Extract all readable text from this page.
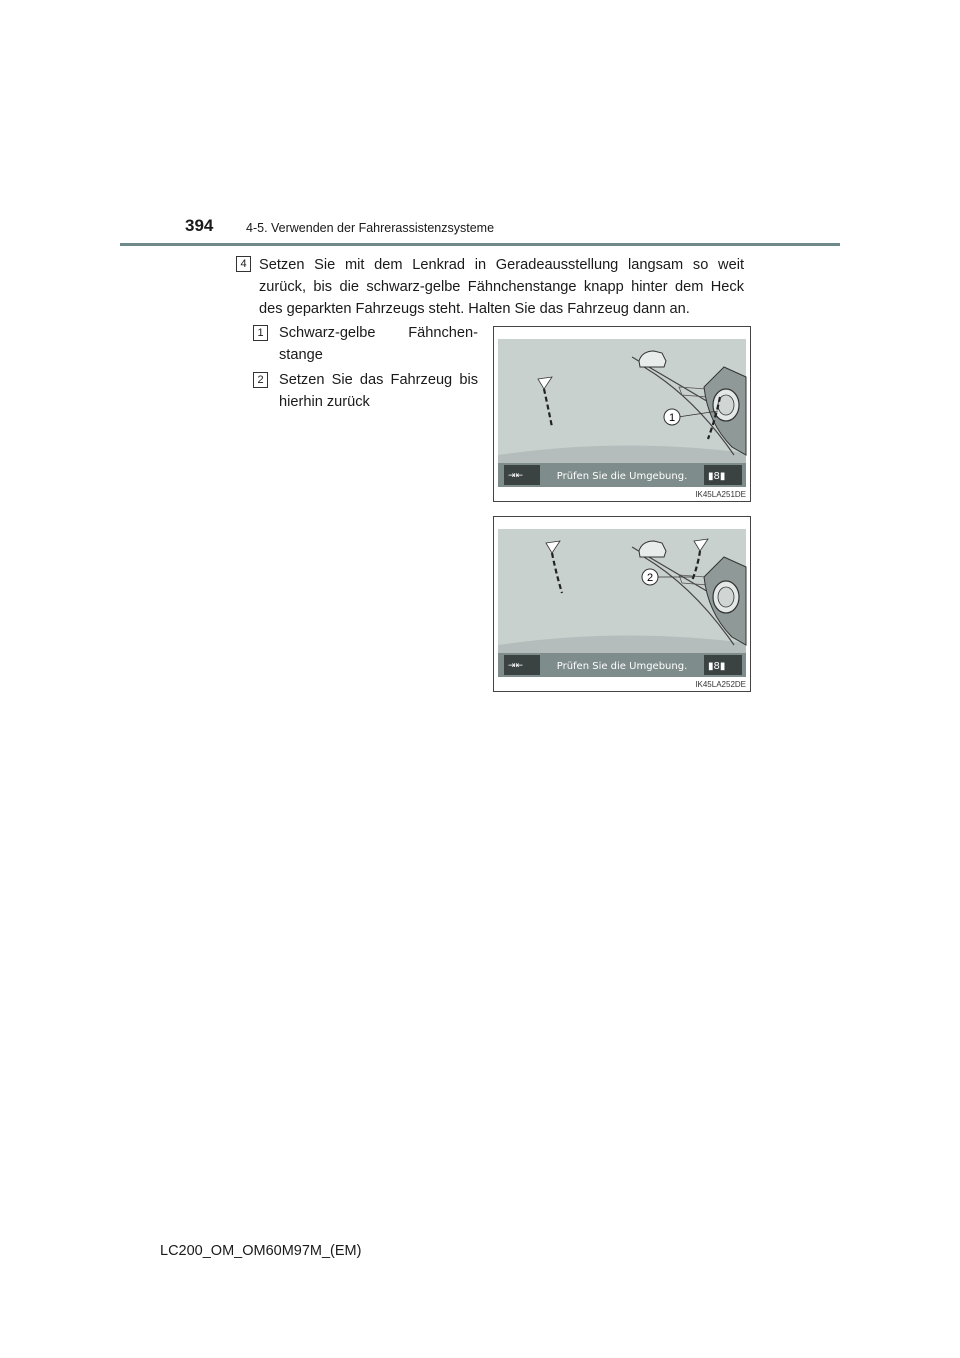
394	4-5. Verwenden der Fahrerassistenzsysteme
4 Setzen Sie mit dem Lenkrad in Geradeausstellung langsam so weit zurück, bis die schwarz-gelbe Fähnchenstange knapp hinter dem Heck des geparkten Fahrzeugs steht. Halten Sie das Fahrzeug dann an.
1	Schwarz-gelbe Fähnchenstange
2	Setzen Sie das Fahrzeug bis hierhin zurück
1
⇥⇤	▮8▮
Prüfen Sie die Umgebung.
IK45LA251DE
2
⇥⇤	▮8▮
Prüfen Sie die Umgebung.
IK45LA252DE
LC200_OM_OM60M97M_(EM)
